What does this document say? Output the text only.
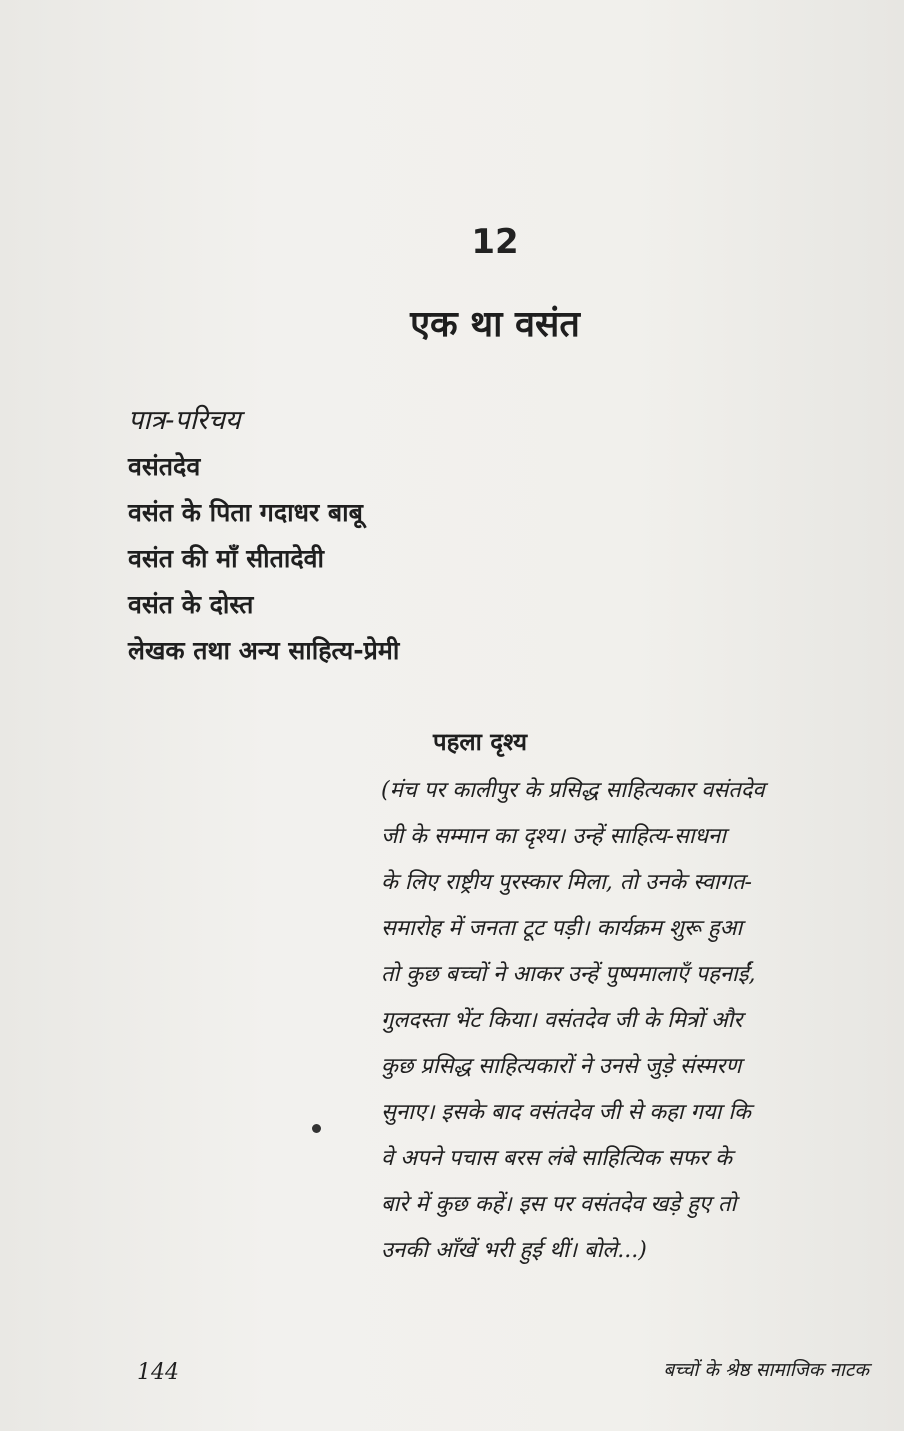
12
एक था वसंत
पात्र-परिचय
वसंतदेव
वसंत के पिता गदाधर बाबू
वसंत की माँ सीतादेवी
वसंत के दोस्त
लेखक तथा अन्य साहित्य-प्रेमी
पहला दृश्य
(मंच पर कालीपुर के प्रसिद्ध साहित्यकार वसंतदेव
जी के सम्मान का दृश्य। उन्हें साहित्य-साधना
के लिए राष्ट्रीय पुरस्कार मिला, तो उनके स्वागत-
समारोह में जनता टूट पड़ी। कार्यक्रम शुरू हुआ
तो कुछ बच्चों ने आकर उन्हें पुष्पमालाएँ पहनाईं,
गुलदस्ता भेंट किया। वसंतदेव जी के मित्रों और
कुछ प्रसिद्ध साहित्यकारों ने उनसे जुड़े संस्मरण
सुनाए। इसके बाद वसंतदेव जी से कहा गया कि
वे अपने पचास बरस लंबे साहित्यिक सफर के
बारे में कुछ कहें। इस पर वसंतदेव खड़े हुए तो
उनकी आँखें भरी हुई थीं। बोले...)
144	बच्चों के श्रेष्ठ सामाजिक नाटक
